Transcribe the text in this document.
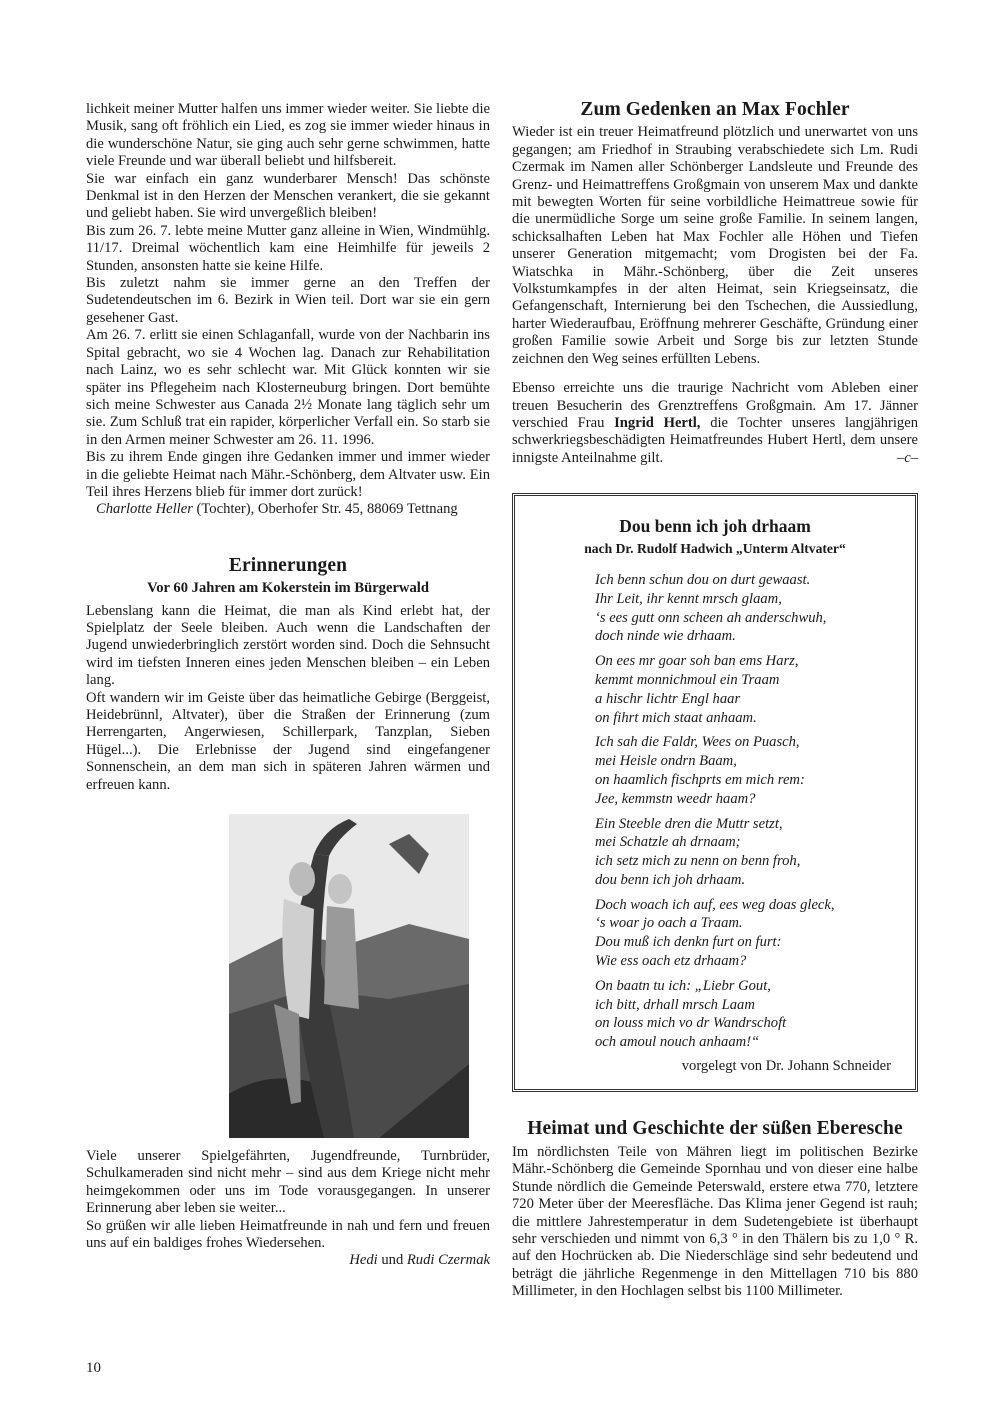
lichkeit meiner Mutter halfen uns immer wieder weiter. Sie liebte die Musik, sang oft fröhlich ein Lied, es zog sie immer wieder hinaus in die wunderschöne Natur, sie ging auch sehr gerne schwimmen, hatte viele Freunde und war überall beliebt und hilfsbereit.

Sie war einfach ein ganz wunderbarer Mensch! Das schönste Denkmal ist in den Herzen der Menschen verankert, die sie gekannt und geliebt haben. Sie wird unvergeßlich bleiben!

Bis zum 26. 7. lebte meine Mutter ganz alleine in Wien, Windmühlg. 11/17. Dreimal wöchentlich kam eine Heimhilfe für jeweils 2 Stunden, ansonsten hatte sie keine Hilfe.

Bis zuletzt nahm sie immer gerne an den Treffen der Sudetendeutschen im 6. Bezirk in Wien teil. Dort war sie ein gern gesehener Gast.

Am 26. 7. erlitt sie einen Schlaganfall, wurde von der Nachbarin ins Spital gebracht, wo sie 4 Wochen lag. Danach zur Rehabilitation nach Lainz, wo es sehr schlecht war. Mit Glück konnten wir sie später ins Pflegeheim nach Klosterneuburg bringen. Dort bemühte sich meine Schwester aus Canada 2½ Monate lang täglich sehr um sie. Zum Schluß trat ein rapider, körperlicher Verfall ein. So starb sie in den Armen meiner Schwester am 26. 11. 1996.

Bis zu ihrem Ende gingen ihre Gedanken immer und immer wieder in die geliebte Heimat nach Mähr.-Schönberg, dem Altvater usw. Ein Teil ihres Herzens blieb für immer dort zurück!

Charlotte Heller (Tochter), Oberhofer Str. 45, 88069 Tettnang

Erinnerungen
Vor 60 Jahren am Kokerstein im Bürgerwald

Lebenslang kann die Heimat, die man als Kind erlebt hat, der Spielplatz der Seele bleiben. Auch wenn die Landschaften der Jugend unwiederbringlich zerstört worden sind. Doch die Sehnsucht wird im tiefsten Inneren eines jeden Menschen bleiben – ein Leben lang.

Oft wandern wir im Geiste über das heimatliche Gebirge (Berggeist, Heidebrünnl, Altvater), über die Straßen der Erinnerung (zum Herrengarten, Angerwiesen, Schillerpark, Tanzplan, Sieben Hügel...). Die Erlebnisse der Jugend sind eingefangener Sonnenschein, an dem man sich in späteren Jahren wärmen und erfreuen kann.

Viele unserer Spielgefährten, Jugendfreunde, Turnbrüder, Schulkameraden sind nicht mehr – sind aus dem Kriege nicht mehr heimgekommen oder uns im Tode vorausgegangen. In unserer Erinnerung aber leben sie weiter...

So grüßen wir alle lieben Heimatfreunde in nah und fern und freuen uns auf ein baldiges frohes Wiedersehen.

Hedi und Rudi Czermak

Zum Gedenken an Max Fochler

Wieder ist ein treuer Heimatfreund plötzlich und unerwartet von uns gegangen; am Friedhof in Straubing verabschiedete sich Lm. Rudi Czermak im Namen aller Schönberger Landsleute und Freunde des Grenz- und Heimattreffens Großgmain von unserem Max und dankte mit bewegten Worten für seine vorbildliche Heimattreue sowie für die unermüdliche Sorge um seine große Familie. In seinem langen, schicksalhaften Leben hat Max Fochler alle Höhen und Tiefen unserer Generation mitgemacht; vom Drogisten bei der Fa. Wiatschka in Mähr.-Schönberg, über die Zeit unseres Volkstumkampfes in der alten Heimat, sein Kriegseinsatz, die Gefangenschaft, Internierung bei den Tschechen, die Aussiedlung, harter Wiederaufbau, Eröffnung mehrerer Geschäfte, Gründung einer großen Familie sowie Arbeit und Sorge bis zur letzten Stunde zeichnen den Weg seines erfüllten Lebens.

Ebenso erreichte uns die traurige Nachricht vom Ableben einer treuen Besucherin des Grenztreffens Großgmain. Am 17. Jänner verschied Frau Ingrid Hertl, die Tochter unseres langjährigen schwerkriegsbeschädigten Heimatfreundes Hubert Hertl, dem unsere innigste Anteilnahme gilt.	–c–

Dou benn ich joh drhaam
nach Dr. Rudolf Hadwich „Unterm Altvater“
Ich benn schun dou on durt gewaast.
Ihr Leit, ihr kennt mrsch glaam,
‘s ees gutt onn scheen ah anderschwuh,
doch ninde wie drhaam.
On ees mr goar soh ban ems Harz,
kemmt monnichmoul ein Traam
a hischr lichtr Engl haar
on fihrt mich staat anhaam.
Ich sah die Faldr, Wees on Puasch,
mei Heisle ondrn Baam,
on haamlich fischprts em mich rem:
Jee, kemmstn weedr haam?
Ein Steeble dren die Muttr setzt,
mei Schatzle ah drnaam;
ich setz mich zu nenn on benn froh,
dou benn ich joh drhaam.
Doch woach ich auf, ees weg doas gleck,
‘s woar jo oach a Traam.
Dou muß ich denkn furt on furt:
Wie ess oach etz drhaam?
On baatn tu ich: „Liebr Gout,
ich bitt, drhall mrsch Laam
on louss mich vo dr Wandrschoft
och amoul nouch anhaam!“
vorgelegt von Dr. Johann Schneider
Heimat und Geschichte der süßen Eberesche

Im nördlichsten Teile von Mähren liegt im politischen Bezirke Mähr.-Schönberg die Gemeinde Spornhau und von dieser eine halbe Stunde nördlich die Gemeinde Peterswald, erstere etwa 770, letztere 720 Meter über der Meeresfläche. Das Klima jener Gegend ist rauh; die mittlere Jahrestemperatur in dem Sudetengebiete ist überhaupt sehr verschieden und nimmt von 6,3 ° in den Thälern bis zu 1,0 ° R. auf den Hochrücken ab. Die Niederschläge sind sehr bedeutend und beträgt die jährliche Regenmenge in den Mittellagen 710 bis 880 Millimeter, in den Hochlagen selbst bis 1100 Millimeter.

10
